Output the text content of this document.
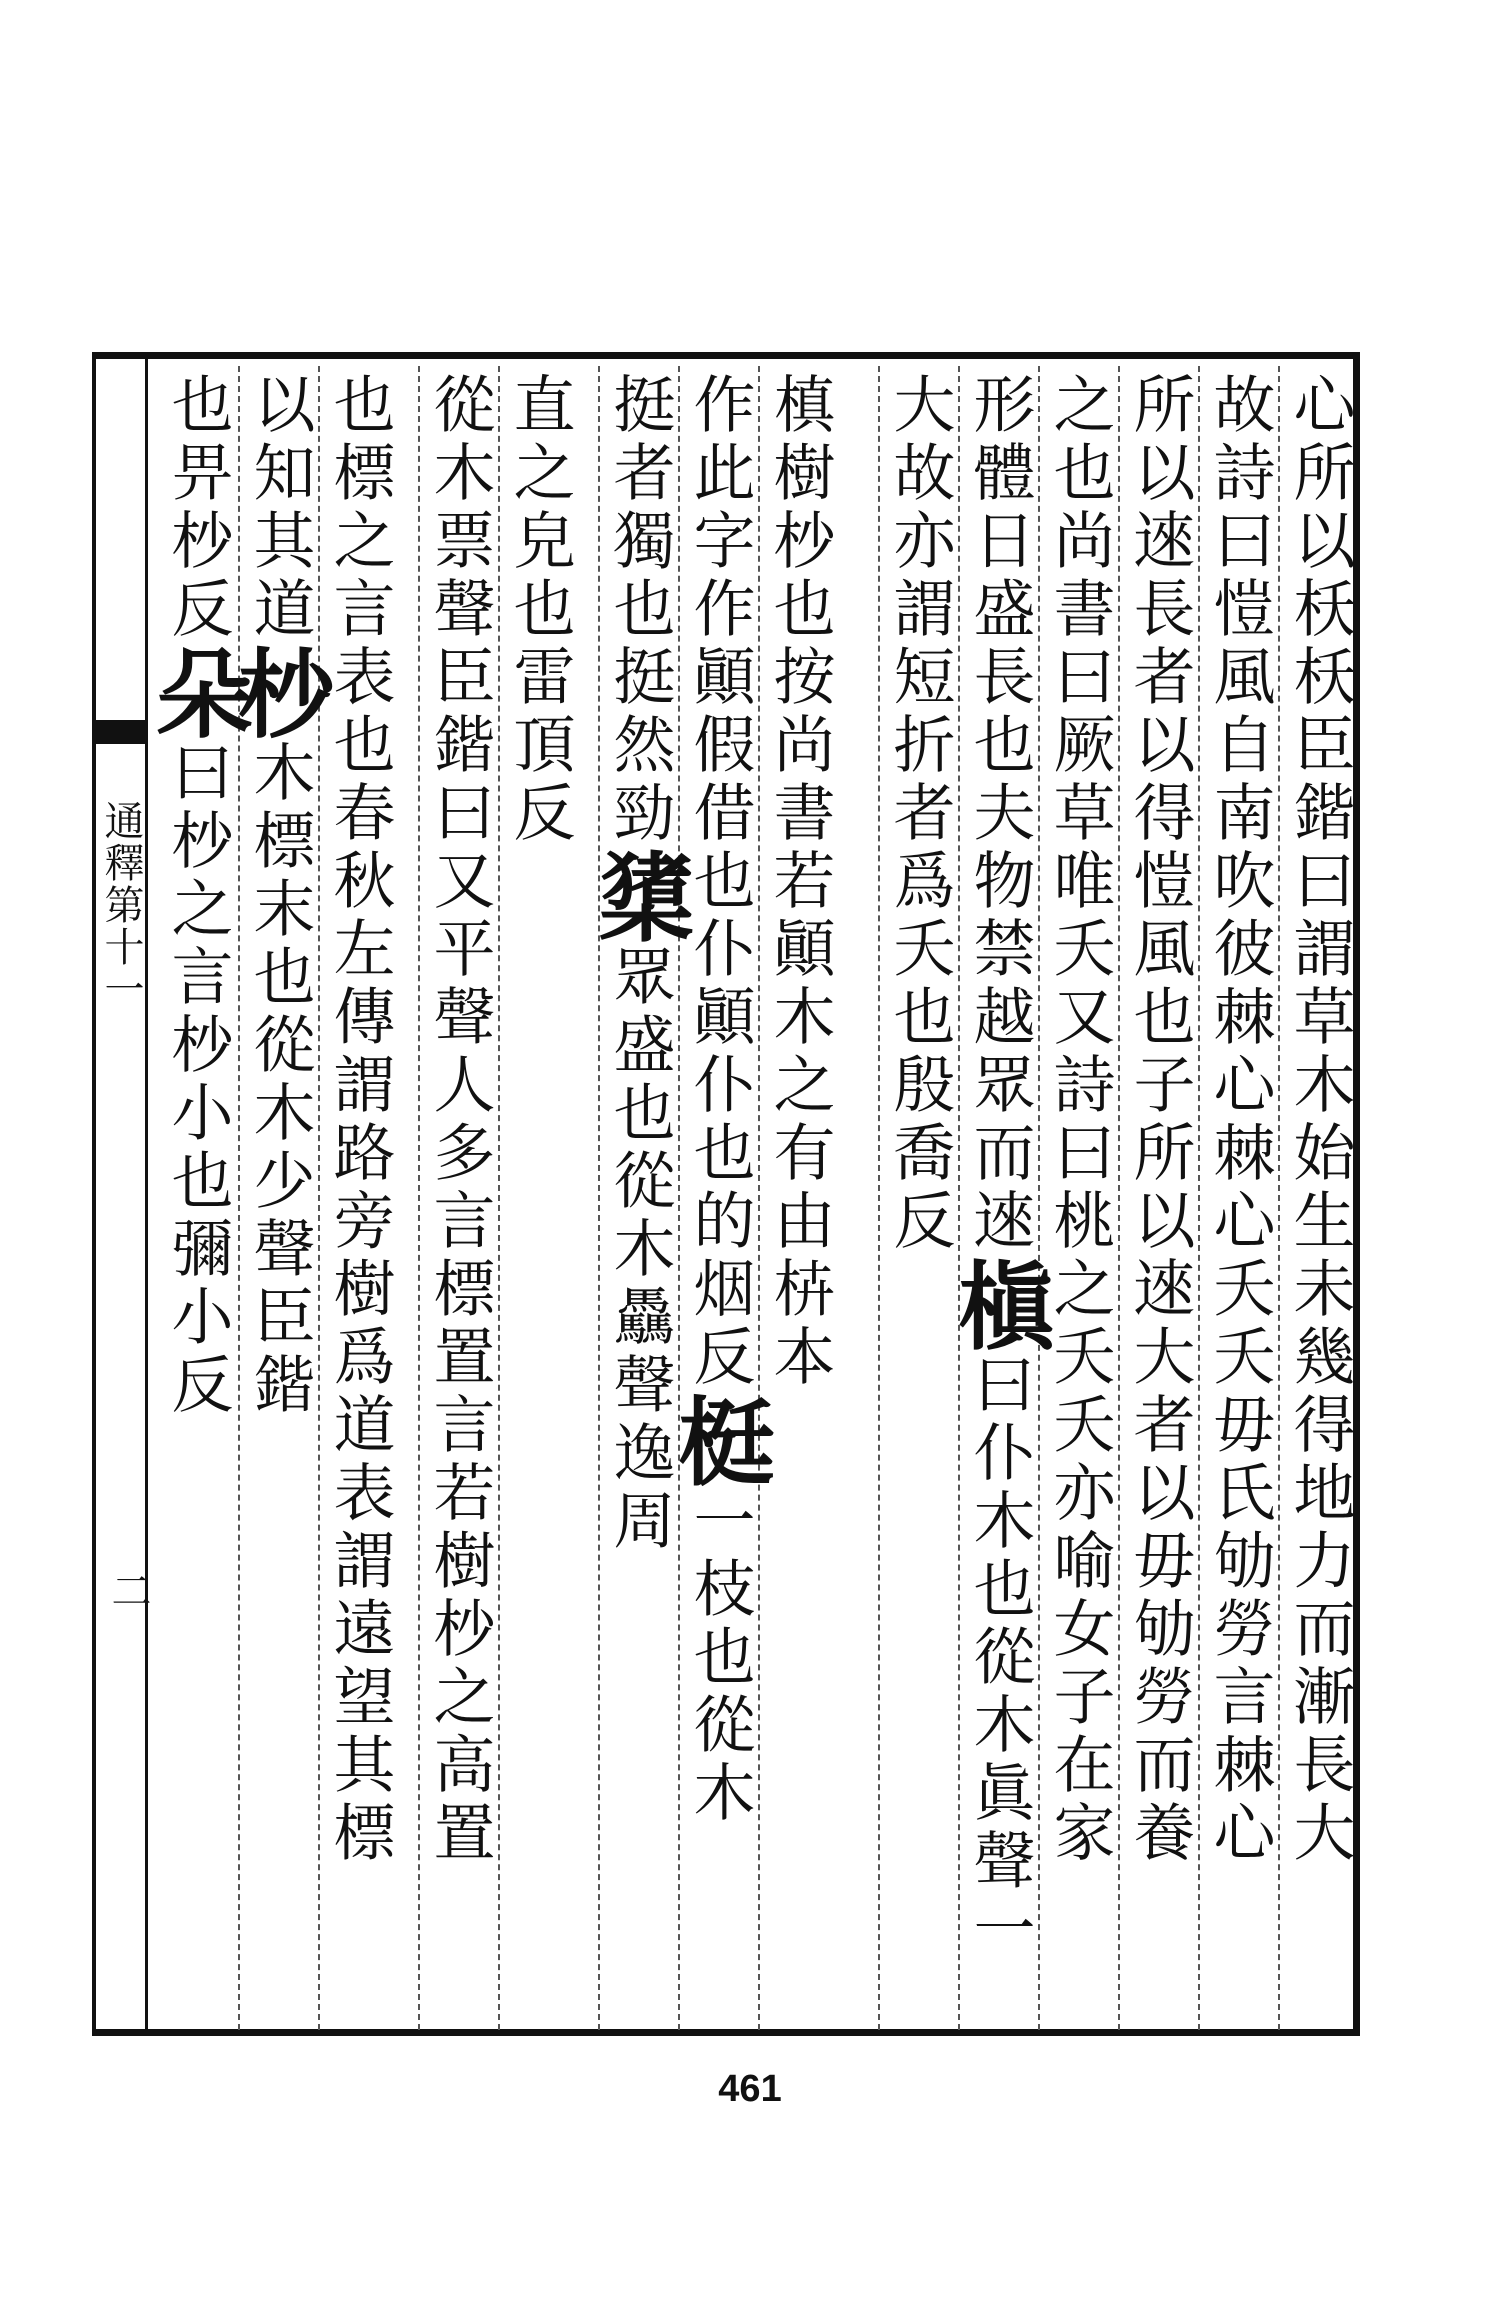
通釋第十一
二	心所以枖枖臣鍇曰謂草木始生未幾得地力而漸長大
故詩曰愷風自南吹彼棘心棘心夭夭毋氏劬勞言棘心
所以逨長者以得愷風也子所以逨大者以毋劬勞而養
之也尚書曰厥草唯夭又詩曰桃之夭夭亦喻女子在家
形體日盛長也夫物禁越眾而逨槇曰仆木也從木眞聲一
大故亦謂短折者爲夭也殷喬反
槙樹杪也按尚書若顚木之有由枿本
作此字作顚假借也仆顚仆也的烟反梃一枝也從木
挺者獨也挺然勁橥眾盛也從木驫聲逸周
直之皃也雷頂反
從木票聲臣鍇曰又平聲人多言標置言若樹杪之高置
也標之言表也春秋左傳謂路旁樹爲道表謂遠望其標
以知其道杪木標末也從木少聲臣鍇
也畀杪反朵曰杪之言杪小也彌小反
461
